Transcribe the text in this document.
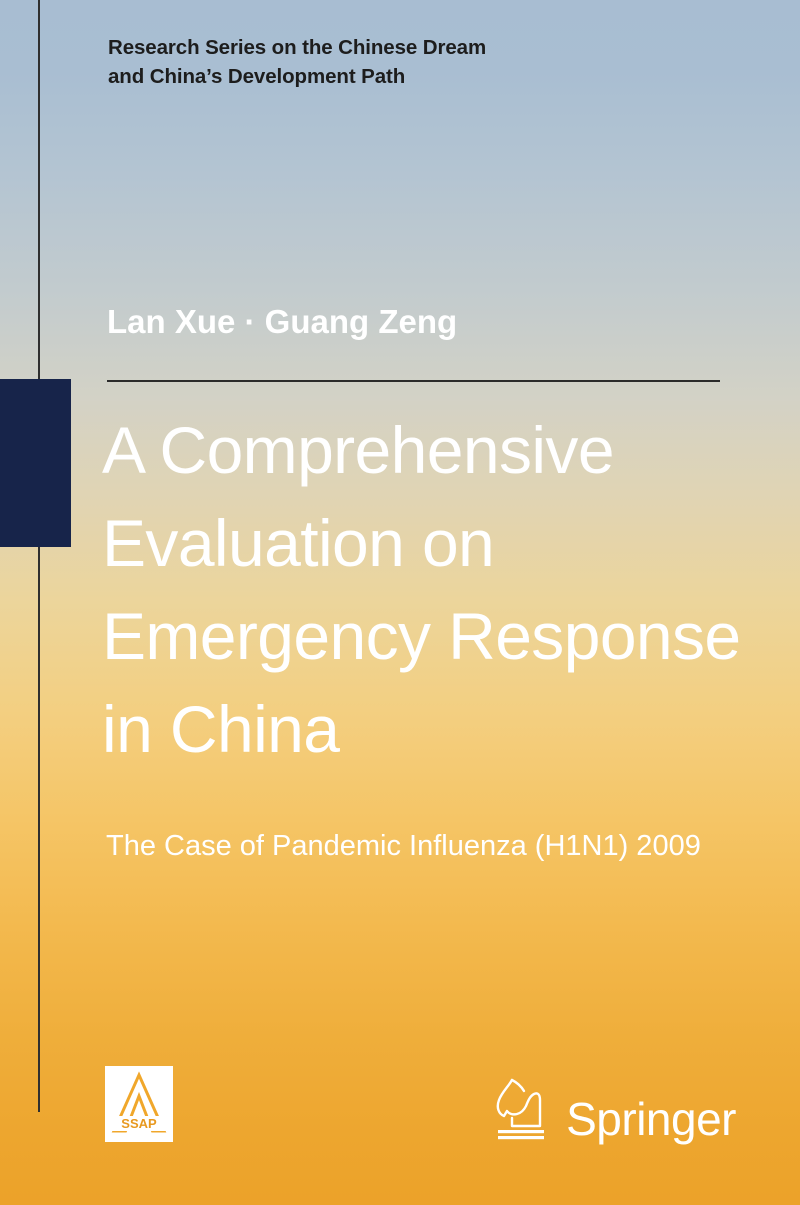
Research Series on the Chinese Dream
and China’s Development Path
Lan Xue · Guang Zeng
A Comprehensive Evaluation on Emergency Response in China
The Case of Pandemic Influenza (H1N1) 2009
SSAP	Springer
